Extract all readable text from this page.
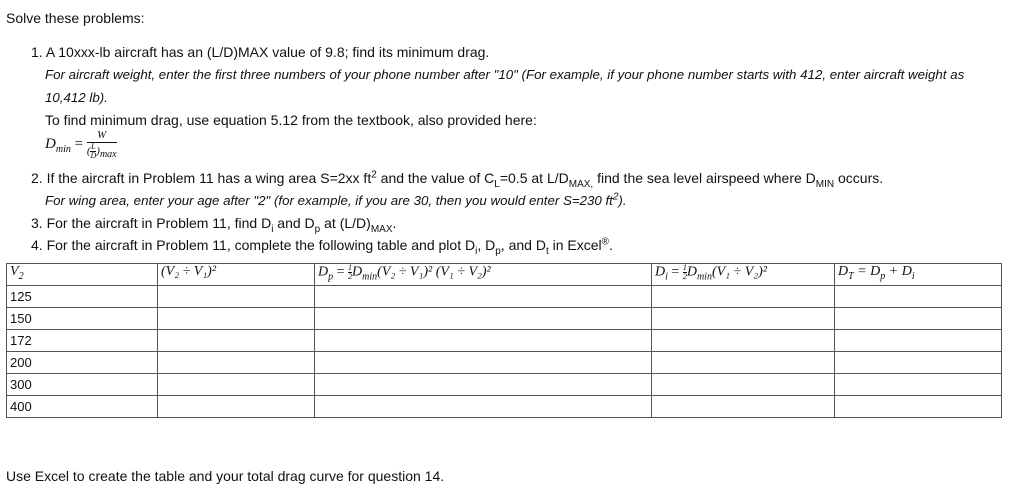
Solve these problems:
1. A 10xxx-lb aircraft has an (L/D)MAX value of 9.8; find its minimum drag.
For aircraft weight, enter the first three numbers of your phone number after "10" (For example, if your phone number starts with 412, enter aircraft weight as
10,412 lb).
To find minimum drag, use equation 5.12 from the textbook, also provided here:
$D_{min} = \frac{W}{( \frac{L}{D} )_{max}}$
2. If the aircraft in Problem 11 has a wing area S=2xx $ft^2$ and the value of $C_L=0.5$ at $L/D_{MAX,}$ find the sea level airspeed where $D_{MIN}$ occurs.
For wing area, enter your age after "2" (for example, if you are 30, then you would enter S=230 $ft^2$).
3. For the aircraft in Problem 11, find $D_i$ and $D_p$ at $(L/D)_{MAX}$.
4. For the aircraft in Problem 11, complete the following table and plot $D_i$, $D_p$, and $D_t$ in Excel®.
$V_2$	(V₂ ÷ V₁)²	$D_p = \frac{1}{2} D_{min}(V_2 \div V_1)^2$ (V₁ ÷ V₂)²	$D_i = \frac{1}{2} D_{min}(V_1 \div V_2)^2$	$D_T = D_p + D_i$
125				
150				
172				
200				
300				
400				
Use Excel to create the table and your total drag curve for question 14.
